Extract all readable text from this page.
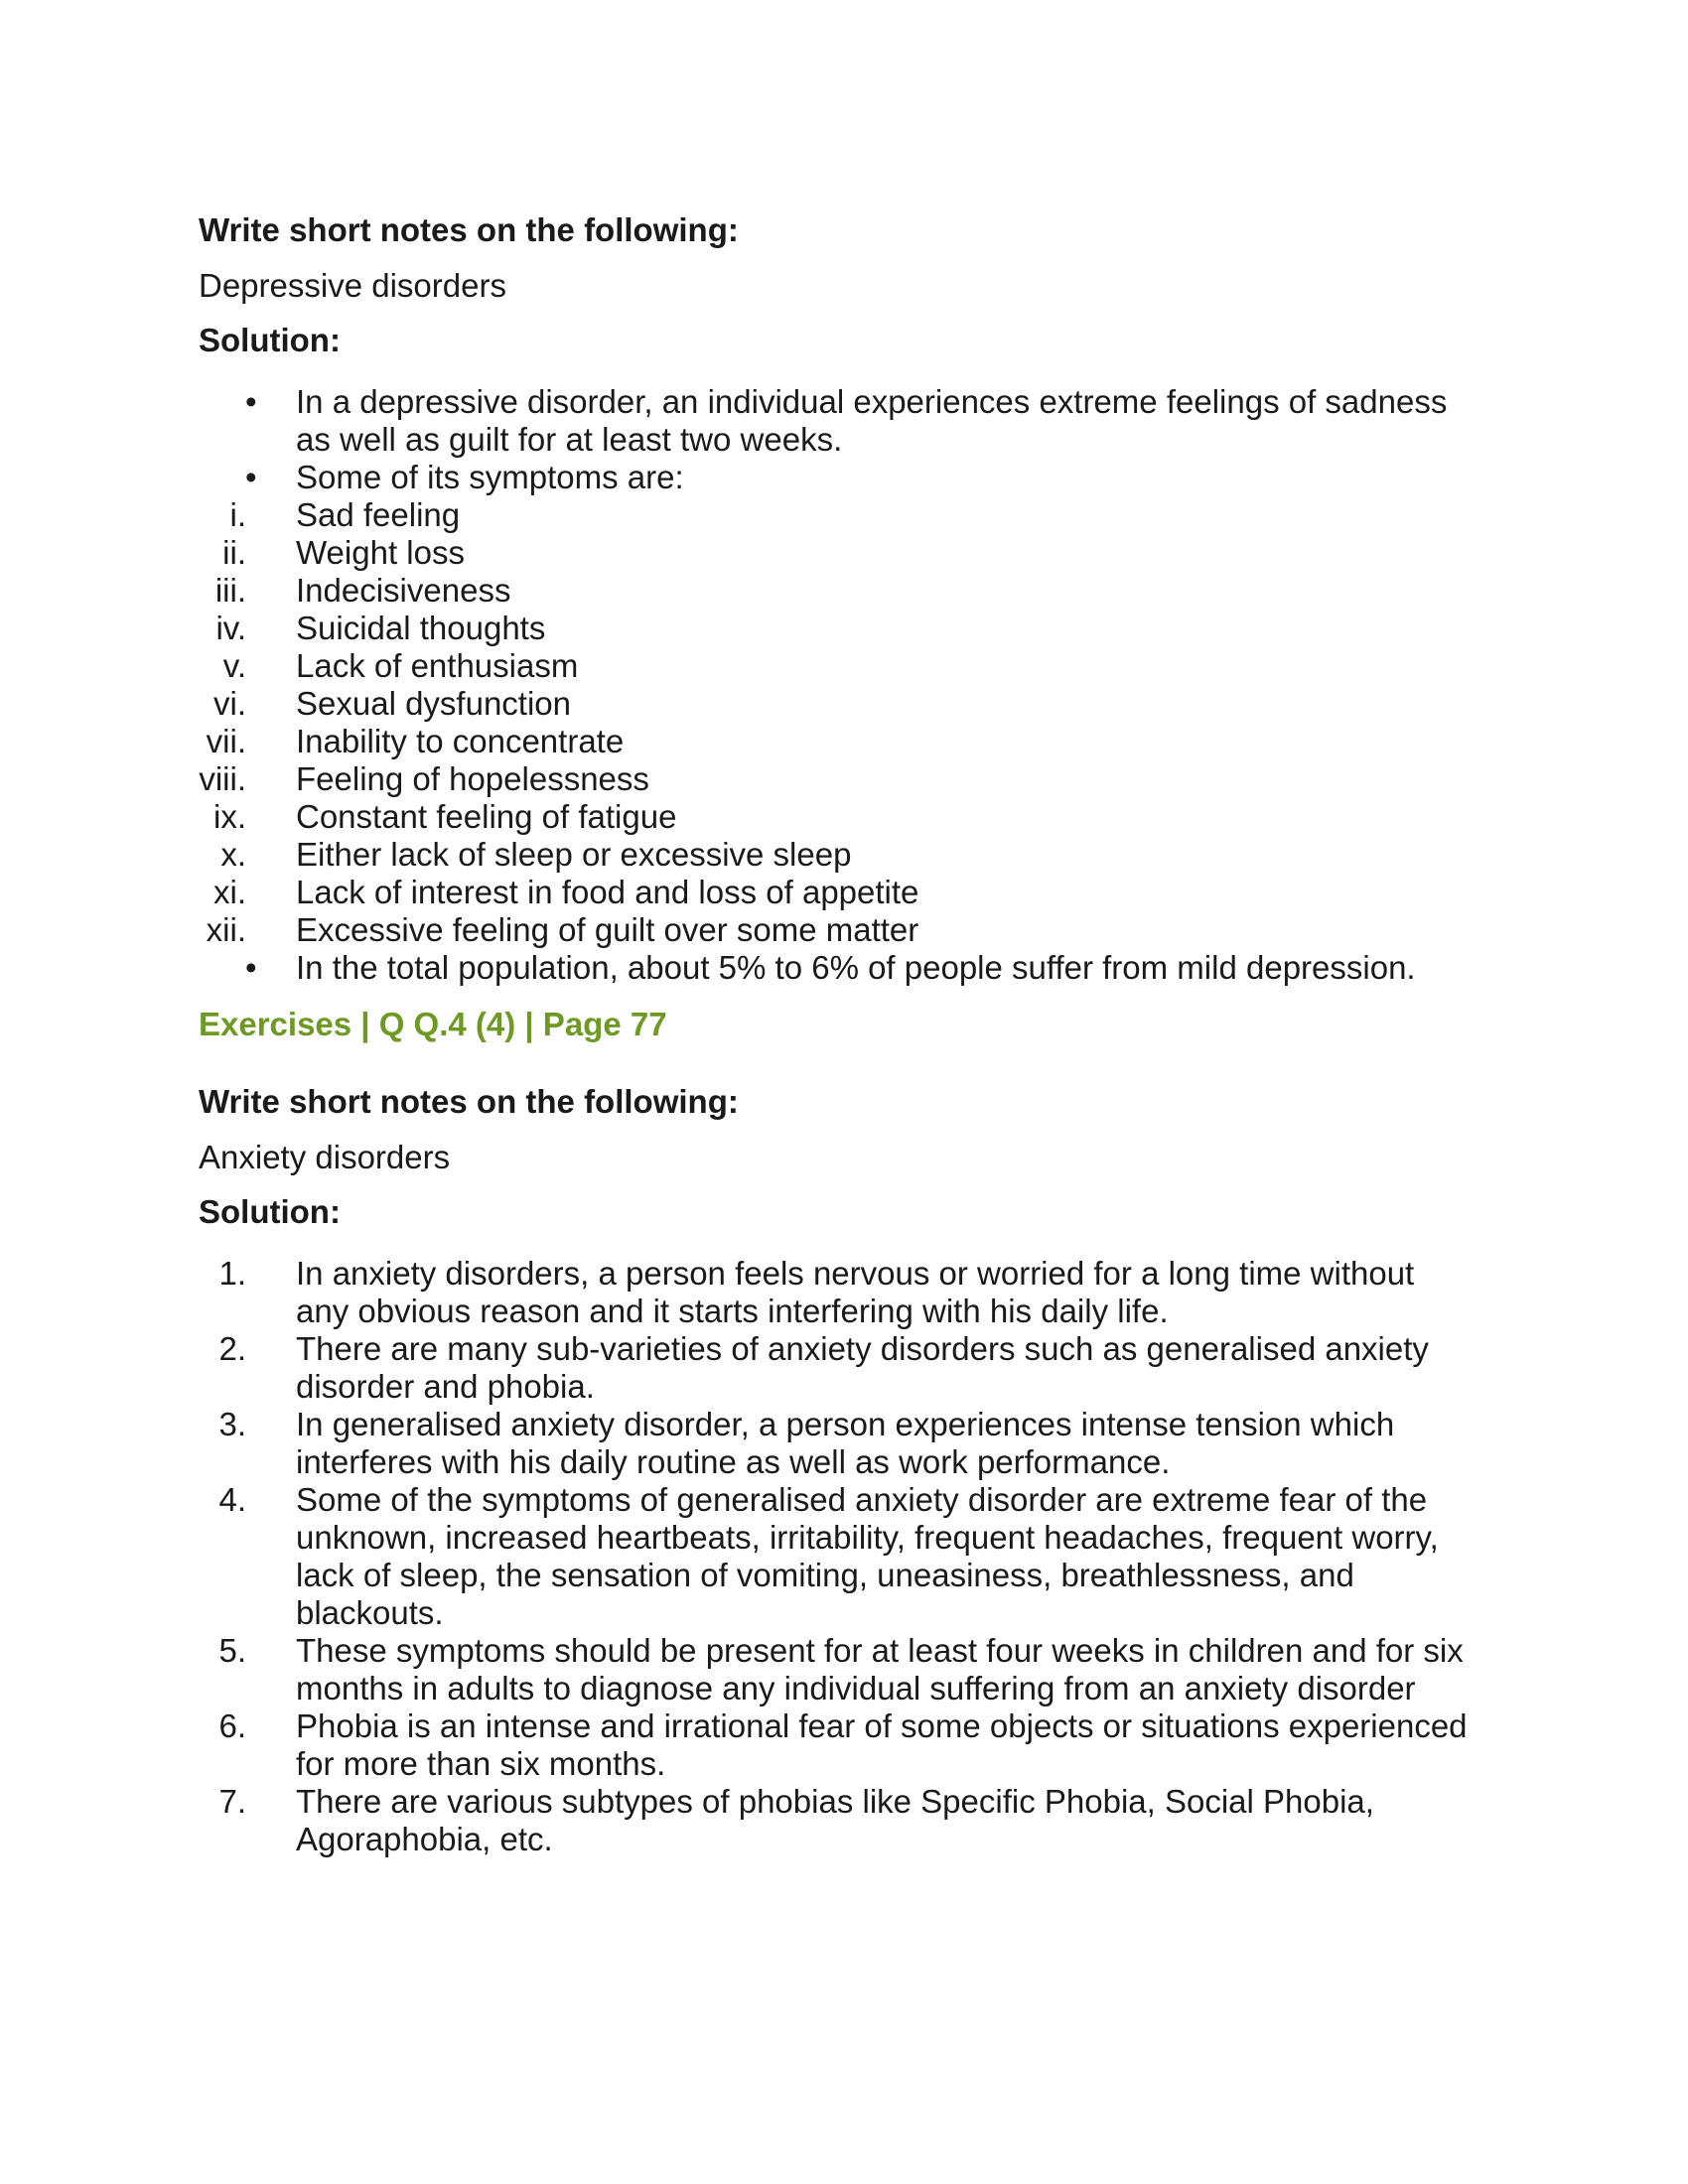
Write short notes on the following:

Depressive disorders

Solution:

• In a depressive disorder, an individual experiences extreme feelings of sadness
as well as guilt for at least two weeks.
• Some of its symptoms are:
i. Sad feeling
ii. Weight loss
iii. Indecisiveness
iv. Suicidal thoughts
v. Lack of enthusiasm
vi. Sexual dysfunction
vii. Inability to concentrate
viii. Feeling of hopelessness
ix. Constant feeling of fatigue
x. Either lack of sleep or excessive sleep
xi. Lack of interest in food and loss of appetite
xii. Excessive feeling of guilt over some matter
• In the total population, about 5% to 6% of people suffer from mild depression.

Exercises | Q Q.4 (4) | Page 77

Write short notes on the following:

Anxiety disorders

Solution:

1. In anxiety disorders, a person feels nervous or worried for a long time without
any obvious reason and it starts interfering with his daily life.
2. There are many sub-varieties of anxiety disorders such as generalised anxiety
disorder and phobia.
3. In generalised anxiety disorder, a person experiences intense tension which
interferes with his daily routine as well as work performance.
4. Some of the symptoms of generalised anxiety disorder are extreme fear of the
unknown, increased heartbeats, irritability, frequent headaches, frequent worry,
lack of sleep, the sensation of vomiting, uneasiness, breathlessness, and
blackouts.
5. These symptoms should be present for at least four weeks in children and for six
months in adults to diagnose any individual suffering from an anxiety disorder
6. Phobia is an intense and irrational fear of some objects or situations experienced
for more than six months.
7. There are various subtypes of phobias like Specific Phobia, Social Phobia,
Agoraphobia, etc.
